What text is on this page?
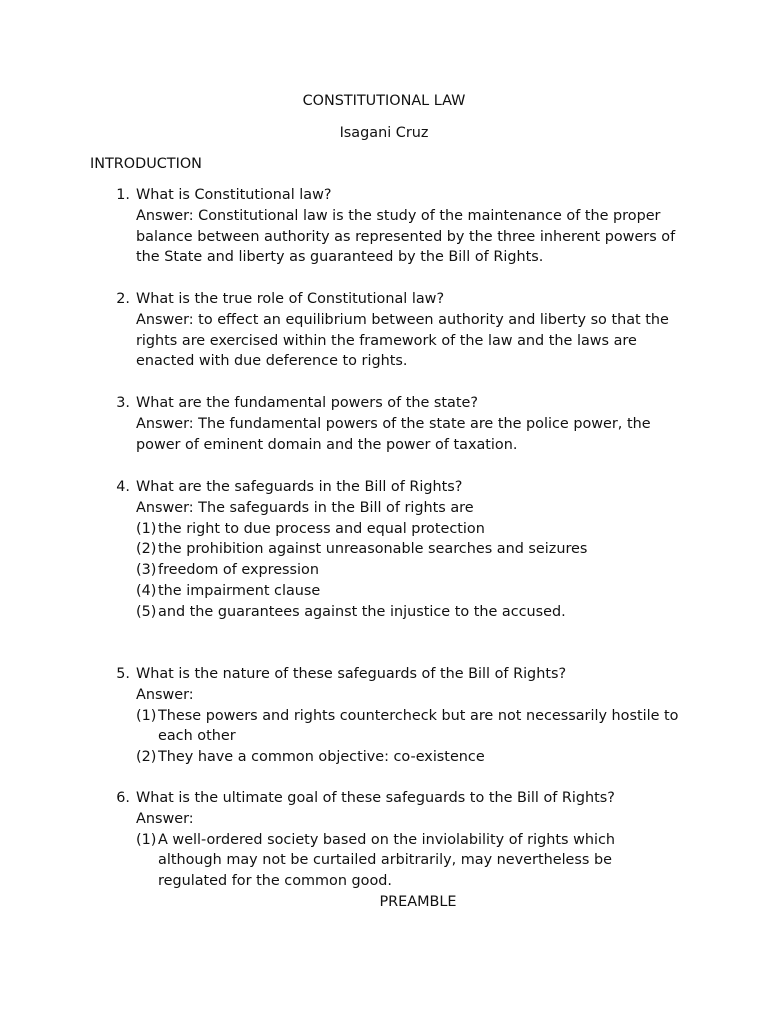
CONSTITUTIONAL LAW
Isagani Cruz
INTRODUCTION
1. What is Constitutional law?
Answer: Constitutional law is the study of the maintenance of the proper balance between authority as represented by the three inherent powers of the State and liberty as guaranteed by the Bill of Rights.
2. What is the true role of Constitutional law?
Answer: to effect an equilibrium between authority and liberty so that the rights are exercised within the framework of the law and the laws are enacted with due deference to rights.
3. What are the fundamental powers of the state?
Answer: The fundamental powers of the state are the police power, the power of eminent domain and the power of taxation.
4. What are the safeguards in the Bill of Rights?
Answer: The safeguards in the Bill of rights are
(1) the right to due process and equal protection
(2) the prohibition against unreasonable searches and seizures
(3) freedom of expression
(4) the impairment clause
(5) and the guarantees against the injustice to the accused.
5. What is the nature of these safeguards of the Bill of Rights?
Answer:
(1) These powers and rights countercheck but are not necessarily hostile to each other
(2) They have a common objective: co-existence
6. What is the ultimate goal of these safeguards to the Bill of Rights?
Answer:
(1) A well-ordered society based on the inviolability of rights which although may not be curtailed arbitrarily, may nevertheless be regulated for the common good.
PREAMBLE
